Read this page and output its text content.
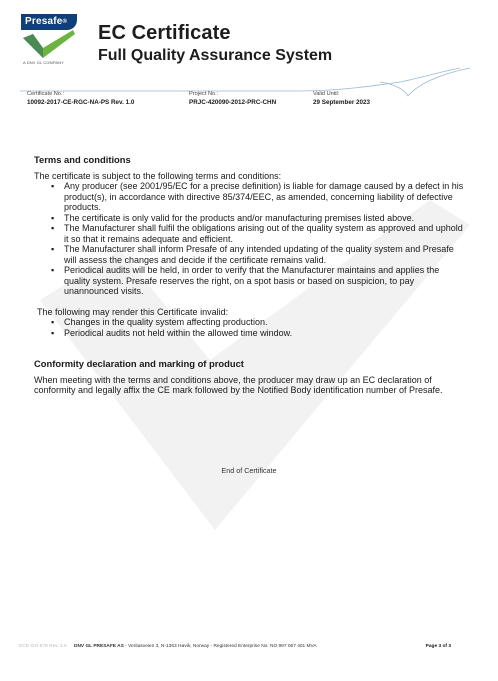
Presafe®
A DNV GL COMPANY
EC Certificate
Full Quality Assurance System
Certificate No.:
10092-2017-CE-RGC-NA-PS Rev. 1.0
Project No.:
PRJC-420090-2012-PRC-CHN
Valid Until:
29 September 2023

Terms and conditions

The certificate is subject to the following terms and conditions:

▪ Any producer (see 2001/95/EC for a precise definition) is liable for damage caused by a defect in his product(s), in accordance with directive 85/374/EEC, as amended, concerning liability of defective products.
▪ The certificate is only valid for the products and/or manufacturing premises listed above.
▪ The Manufacturer shall fulfil the obligations arising out of the quality system as approved and uphold it so that it remains adequate and efficient.
▪ The Manufacturer shall inform Presafe of any intended updating of the quality system and Presafe will assess the changes and decide if the certificate remains valid.
▪ Periodical audits will be held, in order to verify that the Manufacturer maintains and applies the quality system. Presafe reserves the right, on a spot basis or based on suspicion, to pay unannounced visits.

The following may render this Certificate invalid:

▪ Changes in the quality system affecting production.
▪ Periodical audits not held within the allowed time window.

Conformity declaration and marking of product

When meeting with the terms and conditions above, the producer may draw up an EC declaration of conformity and legally affix the CE mark followed by the Notified Body identification number of Presafe.

End of Certificate
ECD-GO-878 Rev. 1.0 DNV GL PRESAFE AS - Veritasveien 3, N-1363 Høvik, Norway - Registered Enterprise No: NO 997 067 401 MVA	Page 3 of 3
